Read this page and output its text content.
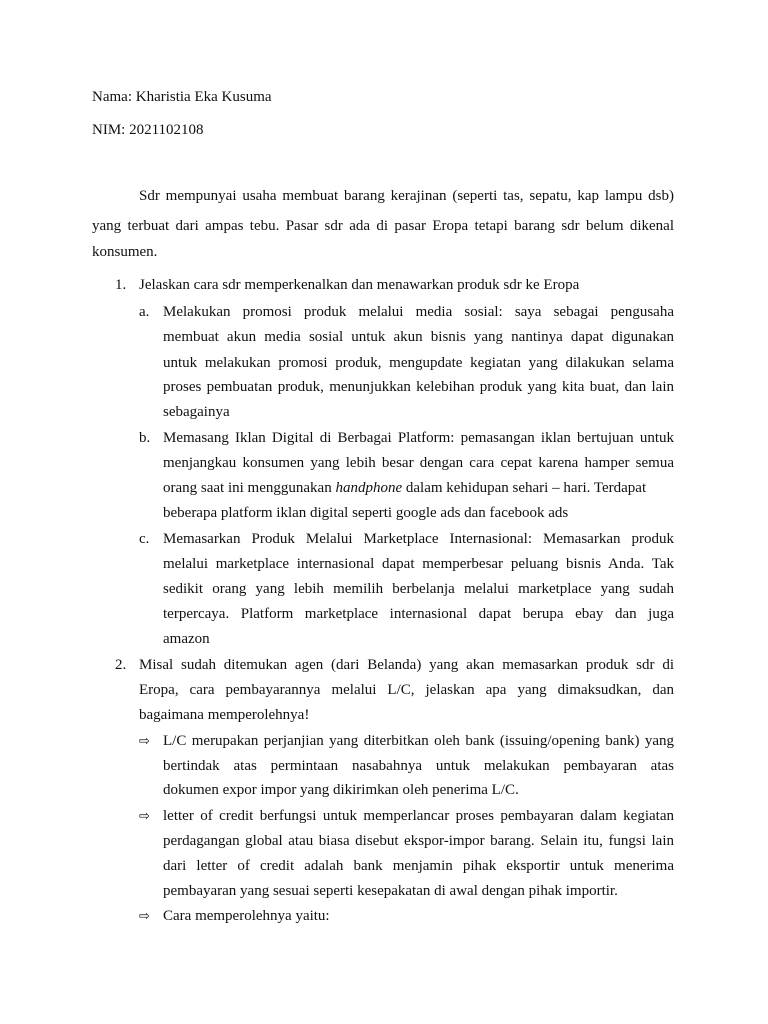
Nama: Kharistia Eka Kusuma
NIM: 2021102108
Sdr mempunyai usaha membuat barang kerajinan (seperti tas, sepatu, kap lampu dsb)
yang terbuat dari ampas tebu. Pasar sdr ada di pasar Eropa tetapi barang sdr belum dikenal
konsumen.
1. Jelaskan cara sdr memperkenalkan dan menawarkan produk sdr ke Eropa
a. Melakukan promosi produk melalui media sosial: saya sebagai pengusaha
membuat akun media sosial untuk akun bisnis yang nantinya dapat digunakan
untuk melakukan promosi produk, mengupdate kegiatan yang dilakukan selama
proses pembuatan produk, menunjukkan kelebihan produk yang kita buat, dan lain
sebagainya
b. Memasang Iklan Digital di Berbagai Platform: pemasangan iklan bertujuan untuk
menjangkau konsumen yang lebih besar dengan cara cepat karena hamper semua
orang saat ini menggunakan handphone dalam kehidupan sehari – hari. Terdapat
beberapa platform iklan digital seperti google ads dan facebook ads
c. Memasarkan Produk Melalui Marketplace Internasional: Memasarkan produk
melalui marketplace internasional dapat memperbesar peluang bisnis Anda. Tak
sedikit orang yang lebih memilih berbelanja melalui marketplace yang sudah
terpercaya. Platform marketplace internasional dapat berupa ebay dan juga
amazon
2. Misal sudah ditemukan agen (dari Belanda) yang akan memasarkan produk sdr di
Eropa, cara pembayarannya melalui L/C, jelaskan apa yang dimaksudkan, dan
bagaimana memperolehnya!
⇨ L/C merupakan perjanjian yang diterbitkan oleh bank (issuing/opening bank) yang
bertindak atas permintaan nasabahnya untuk melakukan pembayaran atas
dokumen expor impor yang dikirimkan oleh penerima L/C.
⇨ letter of credit berfungsi untuk memperlancar proses pembayaran dalam kegiatan
perdagangan global atau biasa disebut ekspor-impor barang. Selain itu, fungsi lain
dari letter of credit adalah bank menjamin pihak eksportir untuk menerima
pembayaran yang sesuai seperti kesepakatan di awal dengan pihak importir.
⇨ Cara memperolehnya yaitu:
